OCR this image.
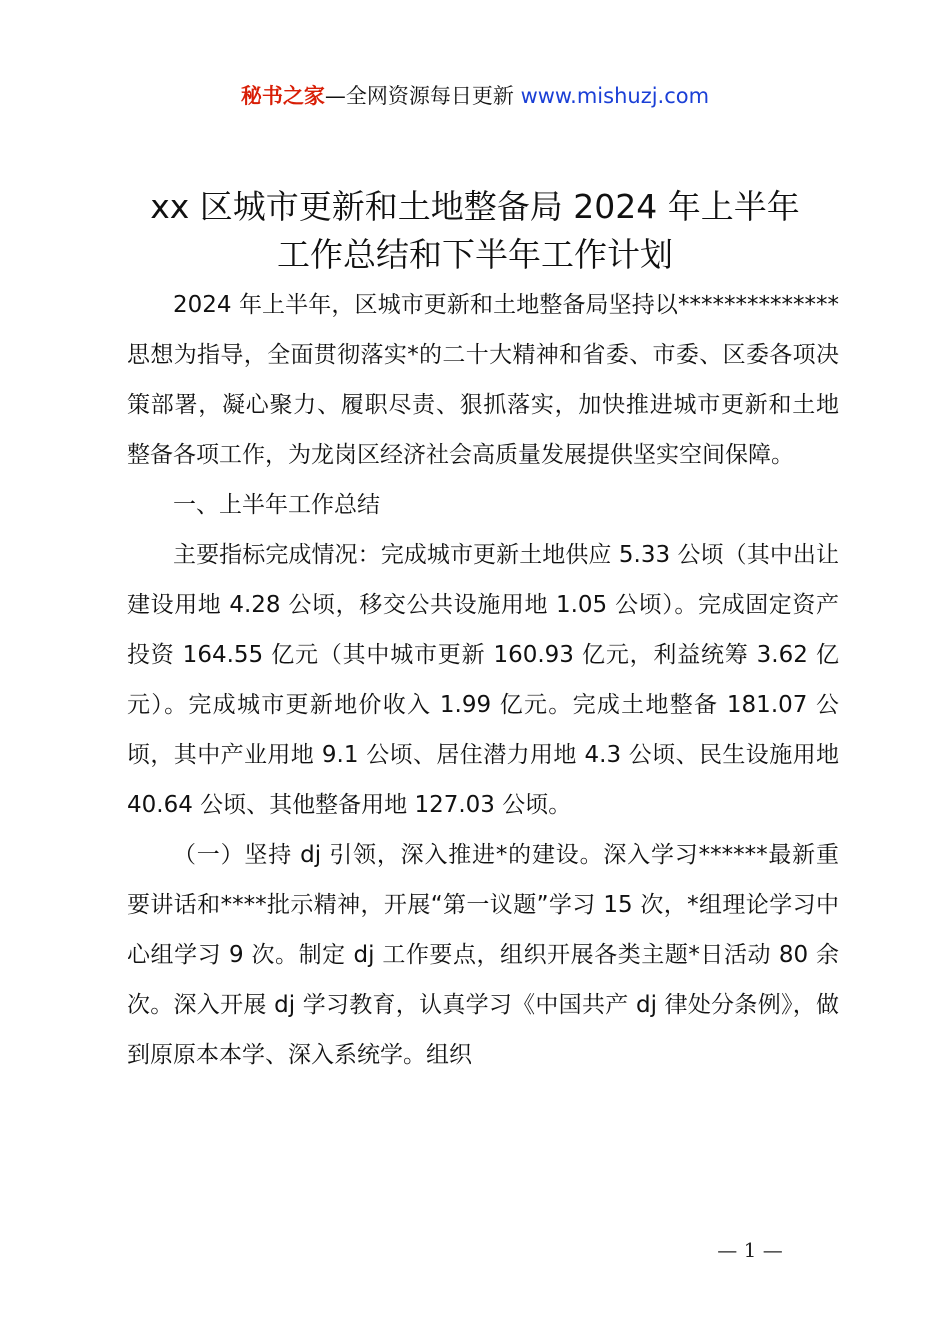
秘书之家—全网资源每日更新 www.mishuzj.com
xx 区城市更新和土地整备局 2024 年上半年
工作总结和下半年工作计划

2024 年上半年，区城市更新和土地整备局坚持以**************思想为指导，全面贯彻落实*的二十大精神和省委、市委、区委各项决策部署，凝心聚力、履职尽责、狠抓落实，加快推进城市更新和土地整备各项工作，为龙岗区经济社会高质量发展提供坚实空间保障。

一、上半年工作总结

主要指标完成情况：完成城市更新土地供应 5.33 公顷（其中出让建设用地 4.28 公顷，移交公共设施用地 1.05 公顷）。完成固定资产投资 164.55 亿元（其中城市更新 160.93 亿元，利益统筹 3.62 亿元）。完成城市更新地价收入 1.99 亿元。完成土地整备 181.07 公顷，其中产业用地 9.1 公顷、居住潜力用地 4.3 公顷、民生设施用地 40.64 公顷、其他整备用地 127.03 公顷。

（一）坚持 dj 引领，深入推进*的建设。深入学习******最新重要讲话和****批示精神，开展“第一议题”学习 15 次，*组理论学习中心组学习 9 次。制定 dj 工作要点，组织开展各类主题*日活动 80 余次。深入开展 dj 学习教育，认真学习《中国共产 dj 律处分条例》，做到原原本本学、深入系统学。组织

— 1 —
